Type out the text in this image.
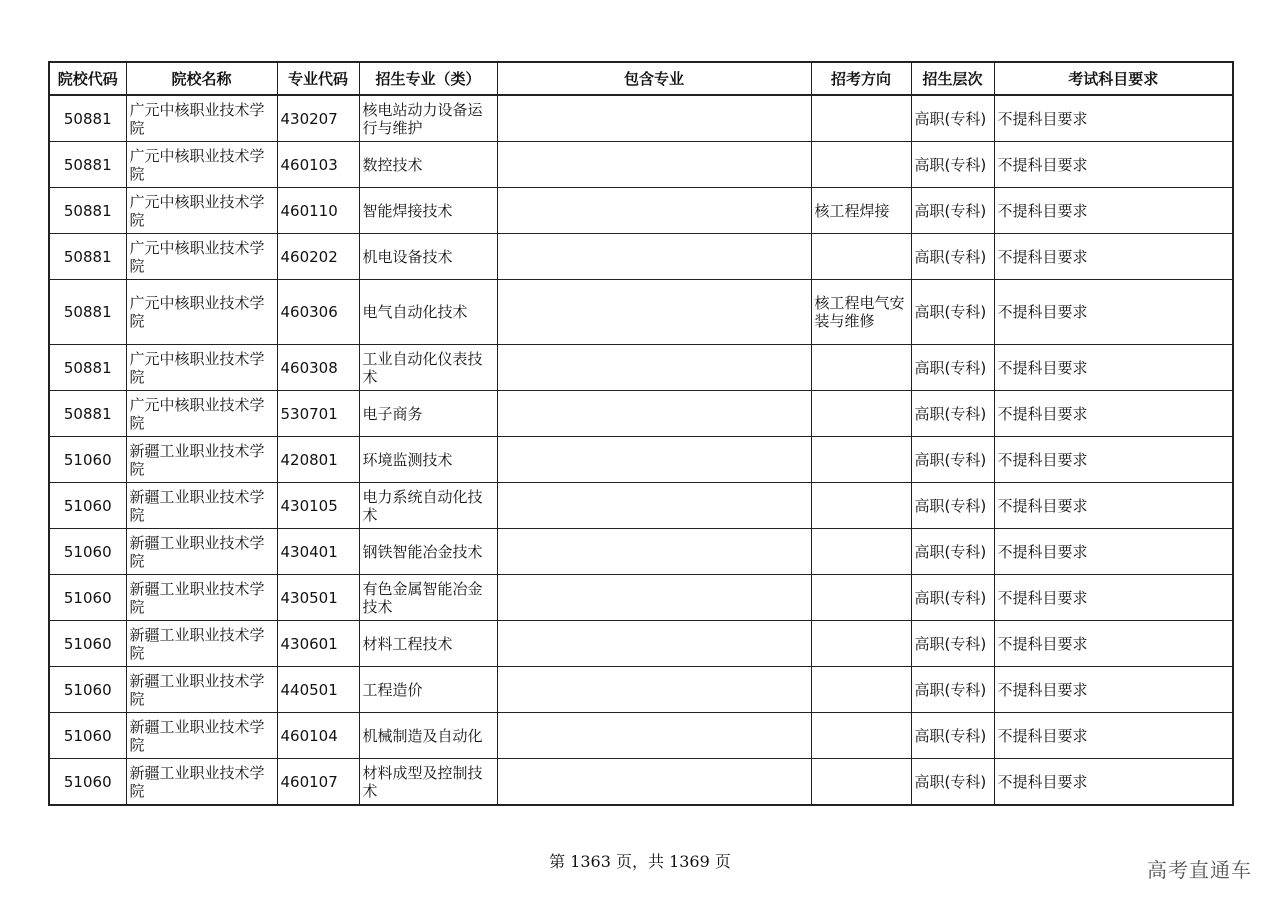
院校代码	院校名称	专业代码	招生专业（类）	包含专业	招考方向	招生层次	考试科目要求
50881	广元中核职业技术学院	430207	核电站动力设备运行与维护			高职(专科)	不提科目要求
50881	广元中核职业技术学院	460103	数控技术			高职(专科)	不提科目要求
50881	广元中核职业技术学院	460110	智能焊接技术		核工程焊接	高职(专科)	不提科目要求
50881	广元中核职业技术学院	460202	机电设备技术			高职(专科)	不提科目要求
50881	广元中核职业技术学院	460306	电气自动化技术		核工程电气安装与维修	高职(专科)	不提科目要求
50881	广元中核职业技术学院	460308	工业自动化仪表技术			高职(专科)	不提科目要求
50881	广元中核职业技术学院	530701	电子商务			高职(专科)	不提科目要求
51060	新疆工业职业技术学院	420801	环境监测技术			高职(专科)	不提科目要求
51060	新疆工业职业技术学院	430105	电力系统自动化技术			高职(专科)	不提科目要求
51060	新疆工业职业技术学院	430401	钢铁智能冶金技术			高职(专科)	不提科目要求
51060	新疆工业职业技术学院	430501	有色金属智能冶金技术			高职(专科)	不提科目要求
51060	新疆工业职业技术学院	430601	材料工程技术			高职(专科)	不提科目要求
51060	新疆工业职业技术学院	440501	工程造价			高职(专科)	不提科目要求
51060	新疆工业职业技术学院	460104	机械制造及自动化			高职(专科)	不提科目要求
51060	新疆工业职业技术学院	460107	材料成型及控制技术			高职(专科)	不提科目要求
第 1363 页，共 1369 页	高考直通车
